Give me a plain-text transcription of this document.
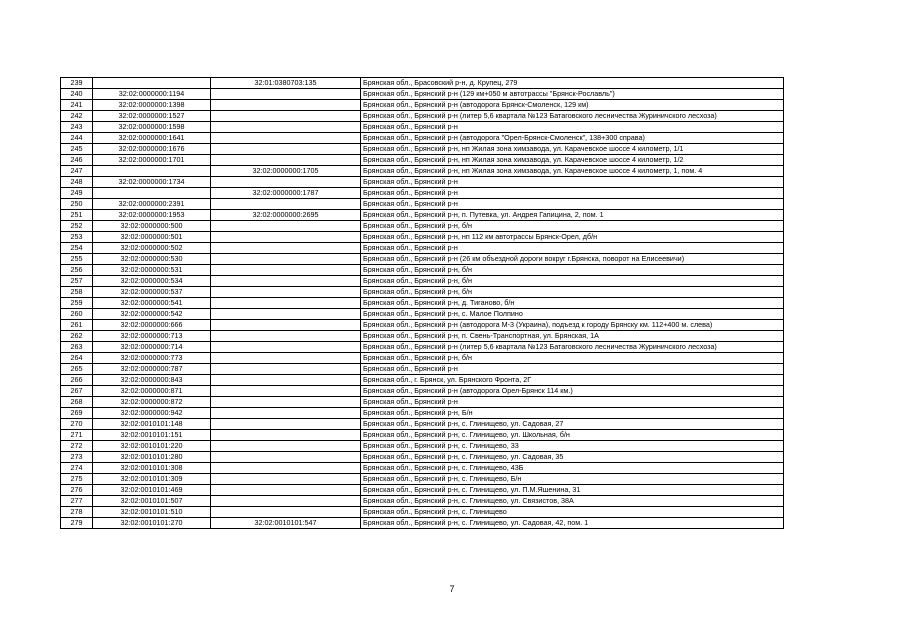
239		32:01:0380703:135	Брянская обл., Брасовский р-н, д. Крупец, 279
240	32:02:0000000:1194		Брянская обл., Брянский р-н (129 км+050 м автотрассы "Брянск-Рославль")
241	32:02:0000000:1398		Брянская обл., Брянский р-н (автодорога Брянск-Смоленск, 129 км)
242	32:02:0000000:1527		Брянская обл., Брянский р-н (литер 5,6 квартала №123 Батаговского лесничества Журиничского лесхоза)
243	32:02:0000000:1598		Брянская обл., Брянский р-н
244	32:02:0000000:1641		Брянская обл., Брянский р-н (автодорога "Орел-Брянск-Смоленск", 138+300 справа)
245	32:02:0000000:1676		Брянская обл., Брянский р-н, нп Жилая зона химзавода, ул. Карачевское шоссе 4 километр, 1/1
246	32:02:0000000:1701		Брянская обл., Брянский р-н, нп Жилая зона химзавода, ул. Карачевское шоссе 4 километр, 1/2
247		32:02:0000000:1705	Брянская обл., Брянский р-н, нп Жилая зона химзавода, ул. Карачевское шоссе 4 километр, 1, пом. 4
248	32:02:0000000:1734		Брянская обл., Брянский р-н
249		32:02:0000000:1787	Брянская обл., Брянский р-н
250	32:02:0000000:2391		Брянская обл., Брянский р-н
251	32:02:0000000:1953	32:02:0000000:2695	Брянская обл., Брянский р-н, п. Путевка, ул. Андрея Гапицина, 2, пом. 1
252	32:02:0000000:500		Брянская обл., Брянский р-н, б/н
253	32:02:0000000:501		Брянская обл., Брянский р-н, нп 112 км автотрассы Брянск-Орел, дб/н
254	32:02:0000000:502		Брянская обл., Брянский р-н
255	32:02:0000000:530		Брянская обл., Брянский р-н (26 км объездной дороги вокруг г.Брянска, поворот на Елисеевичи)
256	32:02:0000000:531		Брянская обл., Брянский р-н, б/н
257	32:02:0000000:534		Брянская обл., Брянский р-н, б/н
258	32:02:0000000:537		Брянская обл., Брянский р-н, б/н
259	32:02:0000000:541		Брянская обл., Брянский р-н, д. Тиганово, б/н
260	32:02:0000000:542		Брянская обл., Брянский р-н, с. Малое Полпино
261	32:02:0000000:666		Брянская обл., Брянский р-н (автодорога М-3 (Украина), подъезд к городу Брянску км. 112+400 м. слева)
262	32:02:0000000:713		Брянская обл., Брянский р-н, п. Свень-Транспортная, ул. Брянская, 1А
263	32:02:0000000:714		Брянская обл., Брянский р-н (литер 5,6 квартала №123 Батаговского лесничества Журиничского лесхоза)
264	32:02:0000000:773		Брянская обл., Брянский р-н, б/н
265	32:02:0000000:787		Брянская обл., Брянский р-н
266	32:02:0000000:843		Брянская обл., г. Брянск, ул. Брянского Фронта, 2Г
267	32:02:0000000:871		Брянская обл., Брянский р-н (автодорога Орел-Брянск 114 км.)
268	32:02:0000000:872		Брянская обл., Брянский р-н
269	32:02:0000000:942		Брянская обл., Брянский р-н, Б/н
270	32:02:0010101:148		Брянская обл., Брянский р-н, с. Глинищево, ул. Садовая, 27
271	32:02:0010101:151		Брянская обл., Брянский р-н, с. Глинищево, ул. Школьная, б/н
272	32:02:0010101:220		Брянская обл., Брянский р-н, с. Глинищево, 33
273	32:02:0010101:280		Брянская обл., Брянский р-н, с. Глинищево, ул. Садовая, 35
274	32:02:0010101:308		Брянская обл., Брянский р-н, с. Глинищево, 43Б
275	32:02:0010101:309		Брянская обл., Брянский р-н, с. Глинищево, Б/н
276	32:02:0010101:469		Брянская обл., Брянский р-н, с. Глинищево, ул. П.М.Яшенина, 31
277	32:02:0010101:507		Брянская обл., Брянский р-н, с. Глинищево, ул. Связистов, 38А
278	32:02:0010101:510		Брянская обл., Брянский р-н, с. Глинищево
279	32:02:0010101:270	32:02:0010101:547	Брянская обл., Брянский р-н, с. Глинищево, ул. Садовая, 42, пом. 1
7
